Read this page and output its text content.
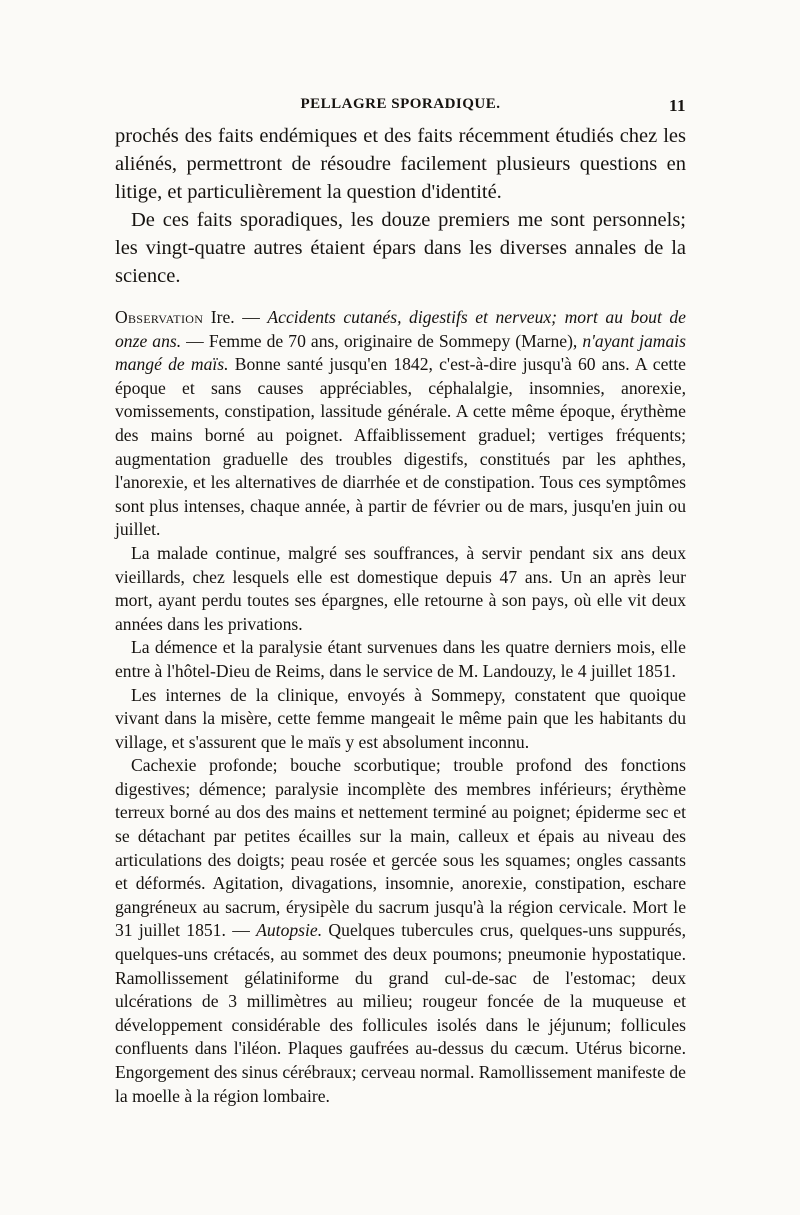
PELLAGRE SPORADIQUE.	11

prochés des faits endémiques et des faits récemment étudiés chez les aliénés, permettront de résoudre facilement plusieurs questions en litige, et particulièrement la question d'identité.

De ces faits sporadiques, les douze premiers me sont personnels; les vingt-quatre autres étaient épars dans les diverses annales de la science.

Observation Ire. — Accidents cutanés, digestifs et nerveux; mort au bout de onze ans. — Femme de 70 ans, originaire de Sommepy (Marne), n'ayant jamais mangé de maïs. Bonne santé jusqu'en 1842, c'est-à-dire jusqu'à 60 ans. A cette époque et sans causes appréciables, céphalalgie, insomnies, anorexie, vomissements, constipation, lassitude générale. A cette même époque, érythème des mains borné au poignet. Affaiblissement graduel; vertiges fréquents; augmentation graduelle des troubles digestifs, constitués par les aphthes, l'anorexie, et les alternatives de diarrhée et de constipation. Tous ces symptômes sont plus intenses, chaque année, à partir de février ou de mars, jusqu'en juin ou juillet.

La malade continue, malgré ses souffrances, à servir pendant six ans deux vieillards, chez lesquels elle est domestique depuis 47 ans. Un an après leur mort, ayant perdu toutes ses épargnes, elle retourne à son pays, où elle vit deux années dans les privations.

La démence et la paralysie étant survenues dans les quatre derniers mois, elle entre à l'hôtel-Dieu de Reims, dans le service de M. Landouzy, le 4 juillet 1851.

Les internes de la clinique, envoyés à Sommepy, constatent que quoique vivant dans la misère, cette femme mangeait le même pain que les habitants du village, et s'assurent que le maïs y est absolument inconnu.

Cachexie profonde; bouche scorbutique; trouble profond des fonctions digestives; démence; paralysie incomplète des membres inférieurs; érythème terreux borné au dos des mains et nettement terminé au poignet; épiderme sec et se détachant par petites écailles sur la main, calleux et épais au niveau des articulations des doigts; peau rosée et gercée sous les squames; ongles cassants et déformés. Agitation, divagations, insomnie, anorexie, constipation, eschare gangréneux au sacrum, érysipèle du sacrum jusqu'à la région cervicale. Mort le 31 juillet 1851. — Autopsie. Quelques tubercules crus, quelques-uns suppurés, quelques-uns crétacés, au sommet des deux poumons; pneumonie hypostatique. Ramollissement gélatiniforme du grand cul-de-sac de l'estomac; deux ulcérations de 3 millimètres au milieu; rougeur foncée de la muqueuse et développement considérable des follicules isolés dans le jéjunum; follicules confluents dans l'iléon. Plaques gaufrées au-dessus du cæcum. Utérus bicorne. Engorgement des sinus cérébraux; cerveau normal. Ramollissement manifeste de la moelle à la région lombaire.
